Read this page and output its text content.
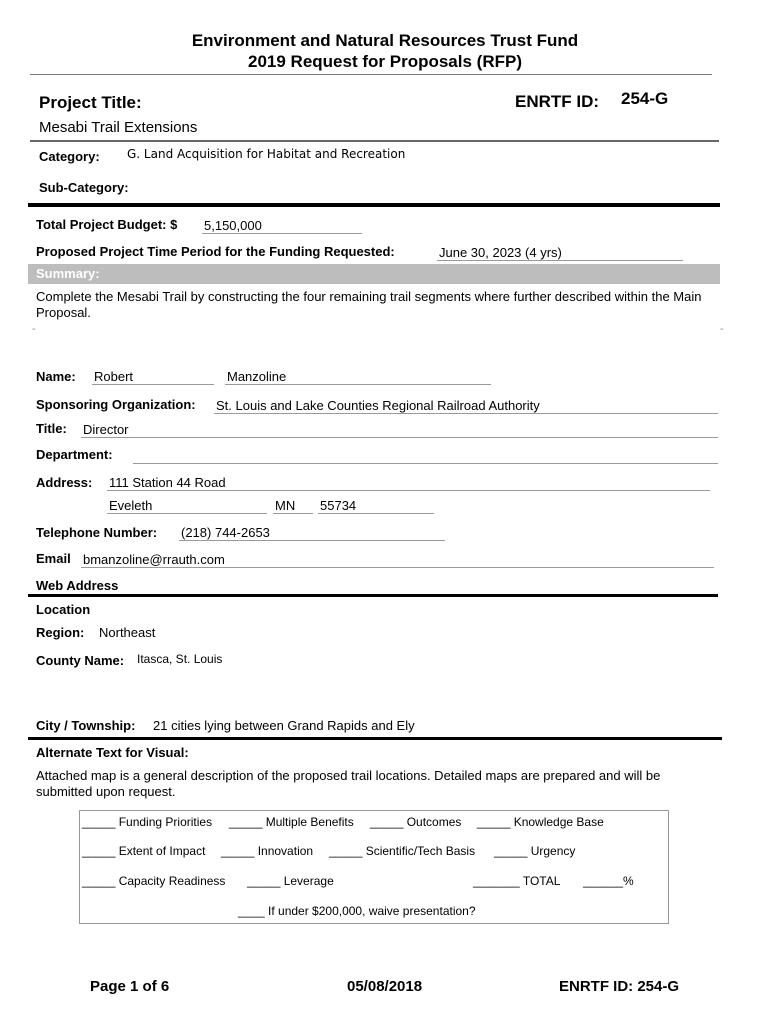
Environment and Natural Resources Trust Fund
2019 Request for Proposals (RFP)
Project Title:	ENRTF ID: 254-G
Mesabi Trail Extensions
Category: G. Land Acquisition for Habitat and Recreation
Sub-Category:
Total Project Budget: $ 5,150,000
Proposed Project Time Period for the Funding Requested:	June 30, 2023 (4 yrs)
Summary:
Complete the Mesabi Trail by constructing the four remaining trail segments where further described within the Main Proposal.
-	-
Name: Robert	Manzoline
Sponsoring Organization: St. Louis and Lake Counties Regional Railroad Authority
Title: Director
Department:
Address: 111 Station 44 Road
Eveleth	MN	55734
Telephone Number: (218) 744-2653
Email bmanzoline@rrauth.com
Web Address
Location
Region: Northeast
County Name: Itasca, St. Louis
City / Township: 21 cities lying between Grand Rapids and Ely
Alternate Text for Visual:
Attached map is a general description of the proposed trail locations. Detailed maps are prepared and will be submitted upon request.
_____ Funding Priorities _____ Multiple Benefits _____ Outcomes _____ Knowledge Base
_____ Extent of Impact _____ Innovation _____ Scientific/Tech Basis _____ Urgency
_____ Capacity Readiness _____ Leverage	_______ TOTAL ______%
____ If under $200,000, waive presentation?
Page 1 of 6	05/08/2018	ENRTF ID: 254-G
